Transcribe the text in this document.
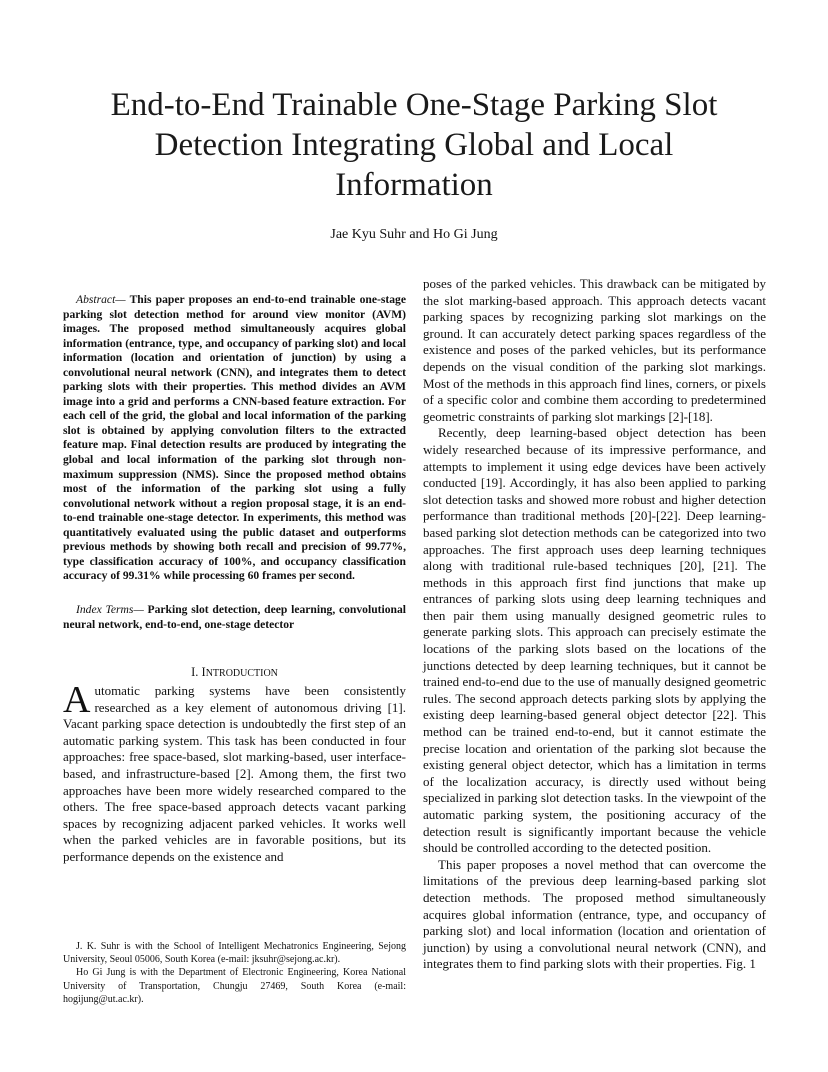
End-to-End Trainable One-Stage Parking Slot Detection Integrating Global and Local Information
Jae Kyu Suhr and Ho Gi Jung

Abstract— This paper proposes an end-to-end trainable one-stage parking slot detection method for around view monitor (AVM) images. The proposed method simultaneously acquires global information (entrance, type, and occupancy of parking slot) and local information (location and orientation of junction) by using a convolutional neural network (CNN), and integrates them to detect parking slots with their properties. This method divides an AVM image into a grid and performs a CNN-based feature extraction. For each cell of the grid, the global and local information of the parking slot is obtained by applying convolution filters to the extracted feature map. Final detection results are produced by integrating the global and local information of the parking slot through non-maximum suppression (NMS). Since the proposed method obtains most of the information of the parking slot using a fully convolutional network without a region proposal stage, it is an end-to-end trainable one-stage detector. In experiments, this method was quantitatively evaluated using the public dataset and outperforms previous methods by showing both recall and precision of 99.77%, type classification accuracy of 100%, and occupancy classification accuracy of 99.31% while processing 60 frames per second.

Index Terms— Parking slot detection, deep learning, convolutional neural network, end-to-end, one-stage detector

I. INTRODUCTION

Automatic parking systems have been consistently researched as a key element of autonomous driving [1]. Vacant parking space detection is undoubtedly the first step of an automatic parking system. This task has been conducted in four approaches: free space-based, slot marking-based, user interface-based, and infrastructure-based [2]. Among them, the first two approaches have been more widely researched compared to the others. The free space-based approach detects vacant parking spaces by recognizing adjacent parked vehicles. It works well when the parked vehicles are in favorable positions, but its performance depends on the existence and

J. K. Suhr is with the School of Intelligent Mechatronics Engineering, Sejong University, Seoul 05006, South Korea (e-mail: jksuhr@sejong.ac.kr).

Ho Gi Jung is with the Department of Electronic Engineering, Korea National University of Transportation, Chungju 27469, South Korea (e-mail: hogijung@ut.ac.kr).

poses of the parked vehicles. This drawback can be mitigated by the slot marking-based approach. This approach detects vacant parking spaces by recognizing parking slot markings on the ground. It can accurately detect parking spaces regardless of the existence and poses of the parked vehicles, but its performance depends on the visual condition of the parking slot markings. Most of the methods in this approach find lines, corners, or pixels of a specific color and combine them according to predetermined geometric constraints of parking slot markings [2]-[18].

Recently, deep learning-based object detection has been widely researched because of its impressive performance, and attempts to implement it using edge devices have been actively conducted [19]. Accordingly, it has also been applied to parking slot detection tasks and showed more robust and higher detection performance than traditional methods [20]-[22]. Deep learning-based parking slot detection methods can be categorized into two approaches. The first approach uses deep learning techniques along with traditional rule-based techniques [20], [21]. The methods in this approach first find junctions that make up entrances of parking slots using deep learning techniques and then pair them using manually designed geometric rules to generate parking slots. This approach can precisely estimate the locations of the parking slots based on the locations of the junctions detected by deep learning techniques, but it cannot be trained end-to-end due to the use of manually designed geometric rules. The second approach detects parking slots by applying the existing deep learning-based general object detector [22]. This method can be trained end-to-end, but it cannot estimate the precise location and orientation of the parking slot because the existing general object detector, which has a limitation in terms of the localization accuracy, is directly used without being specialized in parking slot detection tasks. In the viewpoint of the automatic parking system, the positioning accuracy of the detection result is significantly important because the vehicle should be controlled according to the detected position.

This paper proposes a novel method that can overcome the limitations of the previous deep learning-based parking slot detection methods. The proposed method simultaneously acquires global information (entrance, type, and occupancy of parking slot) and local information (location and orientation of junction) by using a convolutional neural network (CNN), and integrates them to find parking slots with their properties. Fig. 1
